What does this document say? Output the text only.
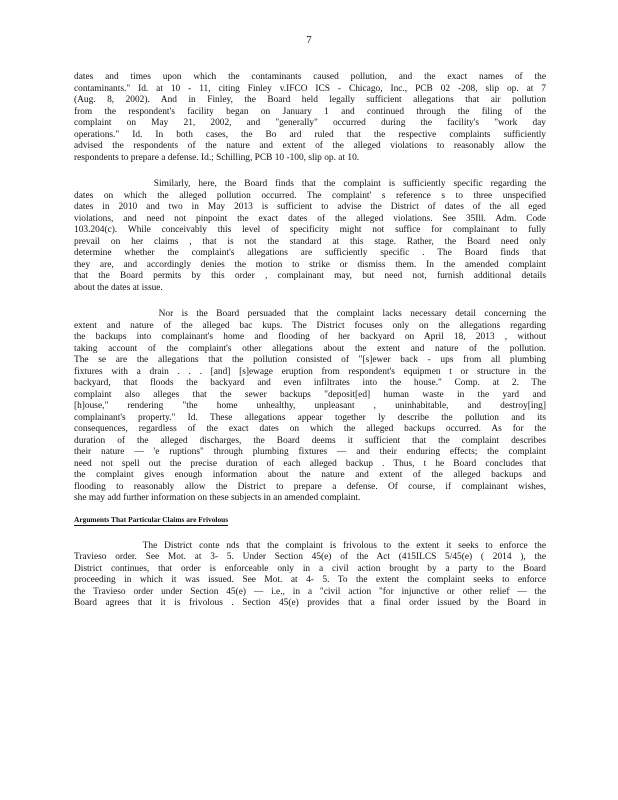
7
dates and times upon which the contaminants caused pollution, and the exact names of the
contaminants." Id. at 10 - 11, citing Finley v.IFCO ICS - Chicago, Inc., PCB 02 -208, slip op. at 7
(Aug. 8, 2002). And in Finley, the Board held legally sufficient allegations that air pollution
from the respondent's facility began on January 1 and continued through the filing of the
complaint on May 21, 2002, and "generally" occurred during the facility's "work day
operations." Id. In both cases, the Bo ard ruled that the respective complaints sufficiently
advised the respondents of the nature and extent of the alleged violations to reasonably allow the
respondents to prepare a defense. Id.; Schilling, PCB 10 -100, slip op. at 10.
Similarly, here, the Board finds that the complaint is sufficiently specific regarding the
dates on which the alleged pollution occurred. The complaint' s reference s to three unspecified
dates in 2010 and two in May 2013 is sufficient to advise the District of dates of the all eged
violations, and need not pinpoint the exact dates of the alleged violations. See 35Ill. Adm. Code
103.204(c). While conceivably this level of specificity might not suffice for complainant to fully
prevail on her claims , that is not the standard at this stage. Rather, the Board need only
determine whether the complaint's allegations are sufficiently specific . The Board finds that
they are, and accordingly denies the motion to strike or dismiss them. In the amended complaint
that the Board permits by this order , complainant may, but need not, furnish additional details
about the dates at issue.
Nor is the Board persuaded that the complaint lacks necessary detail concerning the
extent and nature of the alleged bac kups. The District focuses only on the allegations regarding
the backups into complainant's home and flooding of her backyard on April 18, 2013 , without
taking account of the complaint's other allegations about the extent and nature of the pollution.
The se are the allegations that the pollution consisted of "[s]ewer back - ups from all plumbing
fixtures with a drain . . . [and] [s]ewage eruption from respondent's equipmen t or structure in the
backyard, that floods the backyard and even infiltrates into the house." Comp. at 2. The
complaint also alleges that the sewer backups "deposit[ed] human waste in the yard and
[h]ouse," rendering "the home unhealthy, unpleasant , uninhabitable, and destroy[ing]
complainant's property." Id. These allegations appear together ly describe the pollution and its
consequences, regardless of the exact dates on which the alleged backups occurred. As for the
duration of the alleged discharges, the Board deems it sufficient that the complaint describes
their nature — 'e ruptions" through plumbing fixtures — and their enduring effects; the complaint
need not spell out the precise duration of each alleged backup . Thus, t he Board concludes that
the complaint gives enough information about the nature and extent of the alleged backups and
flooding to reasonably allow the District to prepare a defense. Of course, if complainant wishes,
she may add further information on these subjects in an amended complaint.
Arguments That Particular Claims are Frivolous
The District conte nds that the complaint is frivolous to the extent it seeks to enforce the
Travieso order. See Mot. at 3- 5. Under Section 45(e) of the Act (415ILCS 5/45(e) ( 2014 ), the
District continues, that order is enforceable only in a civil action brought by a party to the Board
proceeding in which it was issued. See Mot. at 4- 5. To the extent the complaint seeks to enforce
the Travieso order under Section 45(e) — i.e., in a "civil action "for injunctive or other relief — the
Board agrees that it is frivolous . Section 45(e) provides that a final order issued by the Board in
